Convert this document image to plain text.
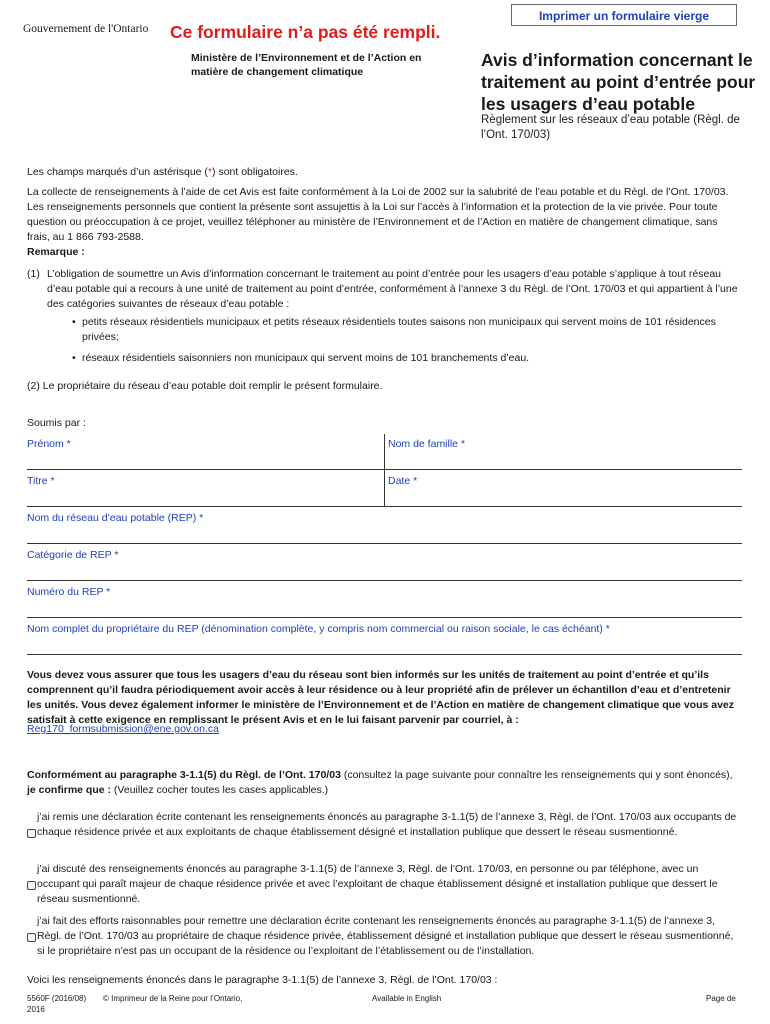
Imprimer un formulaire vierge
Gouvernement de l'Ontario Ce formulaire n’a pas été rempli.
Ministère de l’Environnement et de l’Action en matière de changement climatique
Avis d’information concernant le traitement au point d’entrée pour les usagers d’eau potable
Règlement sur les réseaux d’eau potable (Règl. de l’Ont. 170/03)
Les champs marqués d’un astérisque (*) sont obligatoires.
La collecte de renseignements à l’aide de cet Avis est faite conformément à la Loi de 2002 sur la salubrité de l’eau potable et du Règl. de l’Ont. 170/03. Les renseignements personnels que contient la présente sont assujettis à la Loi sur l’accès à l’information et la protection de la vie privée. Pour toute question ou préoccupation à ce projet, veuillez téléphoner au ministère de l’Environnement et de l’Action en matière de changement climatique, sans frais, au 1 866 793-2588.
Remarque :
(1) L’obligation de soumettre un Avis d’information concernant le traitement au point d’entrée pour les usagers d’eau potable s’applique à tout réseau d’eau potable qui a recours à une unité de traitement au point d’entrée, conformément à l’annexe 3 du Règl. de l’Ont. 170/03 et qui appartient à l’une des catégories suivantes de réseaux d’eau potable :
• petits réseaux résidentiels municipaux et petits réseaux résidentiels toutes saisons non municipaux qui servent moins de 101 résidences privées;
• réseaux résidentiels saisonniers non municipaux qui servent moins de 101 branchements d’eau.
(2) Le propriétaire du réseau d’eau potable doit remplir le présent formulaire.
Soumis par :
Prénom *	Nom de famille *
Titre *	Date *
Nom du réseau d’eau potable (REP) *
Catégorie de REP *
Numéro du REP *
Nom complet du propriétaire du REP (dénomination complète, y compris nom commercial ou raison sociale, le cas échéant) *
Vous devez vous assurer que tous les usagers d’eau du réseau sont bien informés sur les unités de traitement au point d’entrée et qu’ils comprennent qu’il faudra périodiquement avoir accès à leur résidence ou à leur propriété afin de prélever un échantillon d’eau et d’entretenir les unités. Vous devez également informer le ministère de l’Environnement et de l’Action en matière de changement climatique que vous avez satisfait à cette exigence en remplissant le présent Avis et en le lui faisant parvenir par courriel, à :
Reg170_formsubmission@ene.gov.on.ca
Conformément au paragraphe 3-1.1(5) du Règl. de l’Ont. 170/03 (consultez la page suivante pour connaître les renseignements qui y sont énoncés), je confirme que : (Veuillez cocher toutes les cases applicables.)
j’ai remis une déclaration écrite contenant les renseignements énoncés au paragraphe 3-1.1(5) de l’annexe 3, Règl. de l’Ont. 170/03 aux occupants de chaque résidence privée et aux exploitants de chaque établissement désigné et installation publique que dessert le réseau susmentionné.
j’ai discuté des renseignements énoncés au paragraphe 3-1.1(5) de l’annexe 3, Règl. de l’Ont. 170/03, en personne ou par téléphone, avec un occupant qui paraît majeur de chaque résidence privée et avec l’exploitant de chaque établissement désigné et installation publique que dessert le réseau susmentionné.
j’ai fait des efforts raisonnables pour remettre une déclaration écrite contenant les renseignements énoncés au paragraphe 3-1.1(5) de l’annexe 3, Règl. de l’Ont. 170/03 au propriétaire de chaque résidence privée, établissement désigné et installation publique que dessert le réseau susmentionné, si le propriétaire n’est pas un occupant de la résidence ou l’exploitant de l’établissement ou de l’installation.
Voici les renseignements énoncés dans le paragraphe 3-1.1(5) de l’annexe 3, Règl. de l’Ont. 170/03 :
5560F (2016/08)
2016
© Imprimeur de la Reine pour l’Ontario,	Available in English	Page de
